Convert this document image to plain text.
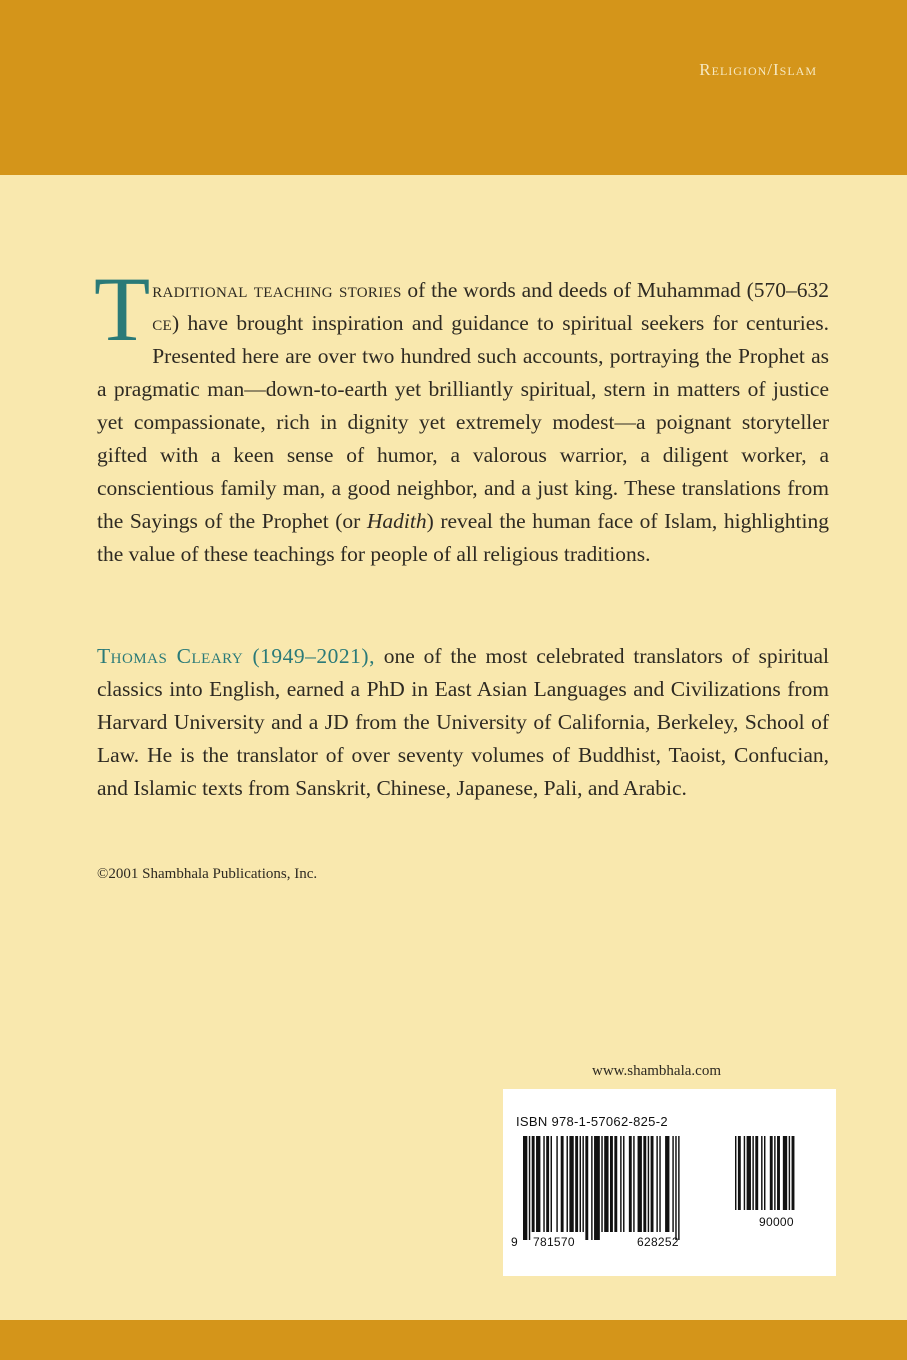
Religion/Islam

Traditional teaching stories of the words and deeds of Muhammad (570–632 ce) have brought inspiration and guidance to spiritual seekers for centuries. Presented here are over two hundred such accounts, portraying the Prophet as a pragmatic man—down-to-earth yet brilliantly spiritual, stern in matters of justice yet compassionate, rich in dignity yet extremely modest—a poignant storyteller gifted with a keen sense of humor, a valorous warrior, a diligent worker, a conscientious family man, a good neighbor, and a just king. These translations from the Sayings of the Prophet (or Hadith) reveal the human face of Islam, highlighting the value of these teachings for people of all religious traditions.

Thomas Cleary (1949–2021), one of the most celebrated translators of spiritual classics into English, earned a PhD in East Asian Languages and Civilizations from Harvard University and a JD from the University of California, Berkeley, School of Law. He is the translator of over seventy volumes of Buddhist, Taoist, Confucian, and Islamic texts from Sanskrit, Chinese, Japanese, Pali, and Arabic.

©2001 Shambhala Publications, Inc.
www.shambhala.com
ISBN 978-1-57062-825-2
9 781570	628252
90000
